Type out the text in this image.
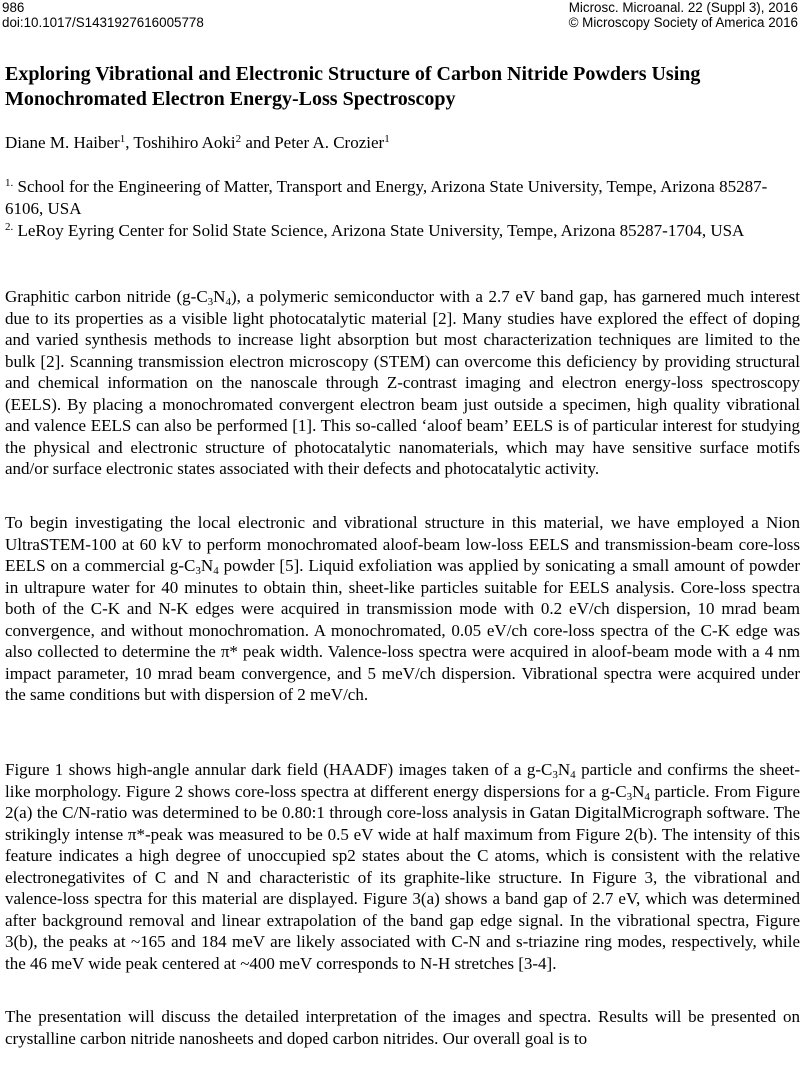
986
doi:10.1017/S1431927616005778
Microsc. Microanal. 22 (Suppl 3), 2016
© Microscopy Society of America 2016
Exploring Vibrational and Electronic Structure of Carbon Nitride Powders Using Monochromated Electron Energy-Loss Spectroscopy
Diane M. Haiber$^1$, Toshihiro Aoki$^2$ and Peter A. Crozier$^1$
$^{1.}$ School for the Engineering of Matter, Transport and Energy, Arizona State University, Tempe, Arizona 85287-6106, USA
$^{2.}$ LeRoy Eyring Center for Solid State Science, Arizona State University, Tempe, Arizona 85287-1704, USA

Graphitic carbon nitride $(g-C_3N_4)$, a polymeric semiconductor with a 2.7 eV band gap, has garnered much interest due to its properties as a visible light photocatalytic material [2]. Many studies have explored the effect of doping and varied synthesis methods to increase light absorption but most characterization techniques are limited to the bulk [2]. Scanning transmission electron microscopy (STEM) can overcome this deficiency by providing structural and chemical information on the nanoscale through Z-contrast imaging and electron energy-loss spectroscopy (EELS). By placing a monochromated convergent electron beam just outside a specimen, high quality vibrational and valence EELS can also be performed [1]. This so-called ‘aloof beam’ EELS is of particular interest for studying the physical and electronic structure of photocatalytic nanomaterials, which may have sensitive surface motifs and/or surface electronic states associated with their defects and photocatalytic activity.

To begin investigating the local electronic and vibrational structure in this material, we have employed a Nion UltraSTEM-100 at 60 kV to perform monochromated aloof-beam low-loss EELS and transmission-beam core-loss EELS on a commercial $g-C_3N_4$ powder [5]. Liquid exfoliation was applied by sonicating a small amount of powder in ultrapure water for 40 minutes to obtain thin, sheet-like particles suitable for EELS analysis. Core-loss spectra both of the C-K and N-K edges were acquired in transmission mode with 0.2 eV/ch dispersion, 10 mrad beam convergence, and without monochromation. A monochromated, 0.05 eV/ch core-loss spectra of the C-K edge was also collected to determine the π* peak width. Valence-loss spectra were acquired in aloof-beam mode with a 4 nm impact parameter, 10 mrad beam convergence, and 5 meV/ch dispersion. Vibrational spectra were acquired under the same conditions but with dispersion of 2 meV/ch.

Figure 1 shows high-angle annular dark field (HAADF) images taken of a $g-C_3N_4$ particle and confirms the sheet-like morphology. Figure 2 shows core-loss spectra at different energy dispersions for a $g-C_3N_4$ particle. From Figure 2(a) the C/N-ratio was determined to be 0.80:1 through core-loss analysis in Gatan DigitalMicrograph software. The strikingly intense π*-peak was measured to be 0.5 eV wide at half maximum from Figure 2(b). The intensity of this feature indicates a high degree of unoccupied sp2 states about the C atoms, which is consistent with the relative electronegativites of C and N and characteristic of its graphite-like structure. In Figure 3, the vibrational and valence-loss spectra for this material are displayed. Figure 3(a) shows a band gap of 2.7 eV, which was determined after background removal and linear extrapolation of the band gap edge signal. In the vibrational spectra, Figure 3(b), the peaks at ~165 and 184 meV are likely associated with C-N and s-triazine ring modes, respectively, while the 46 meV wide peak centered at ~400 meV corresponds to N-H stretches [3-4].

The presentation will discuss the detailed interpretation of the images and spectra. Results will be presented on crystalline carbon nitride nanosheets and doped carbon nitrides. Our overall goal is to
